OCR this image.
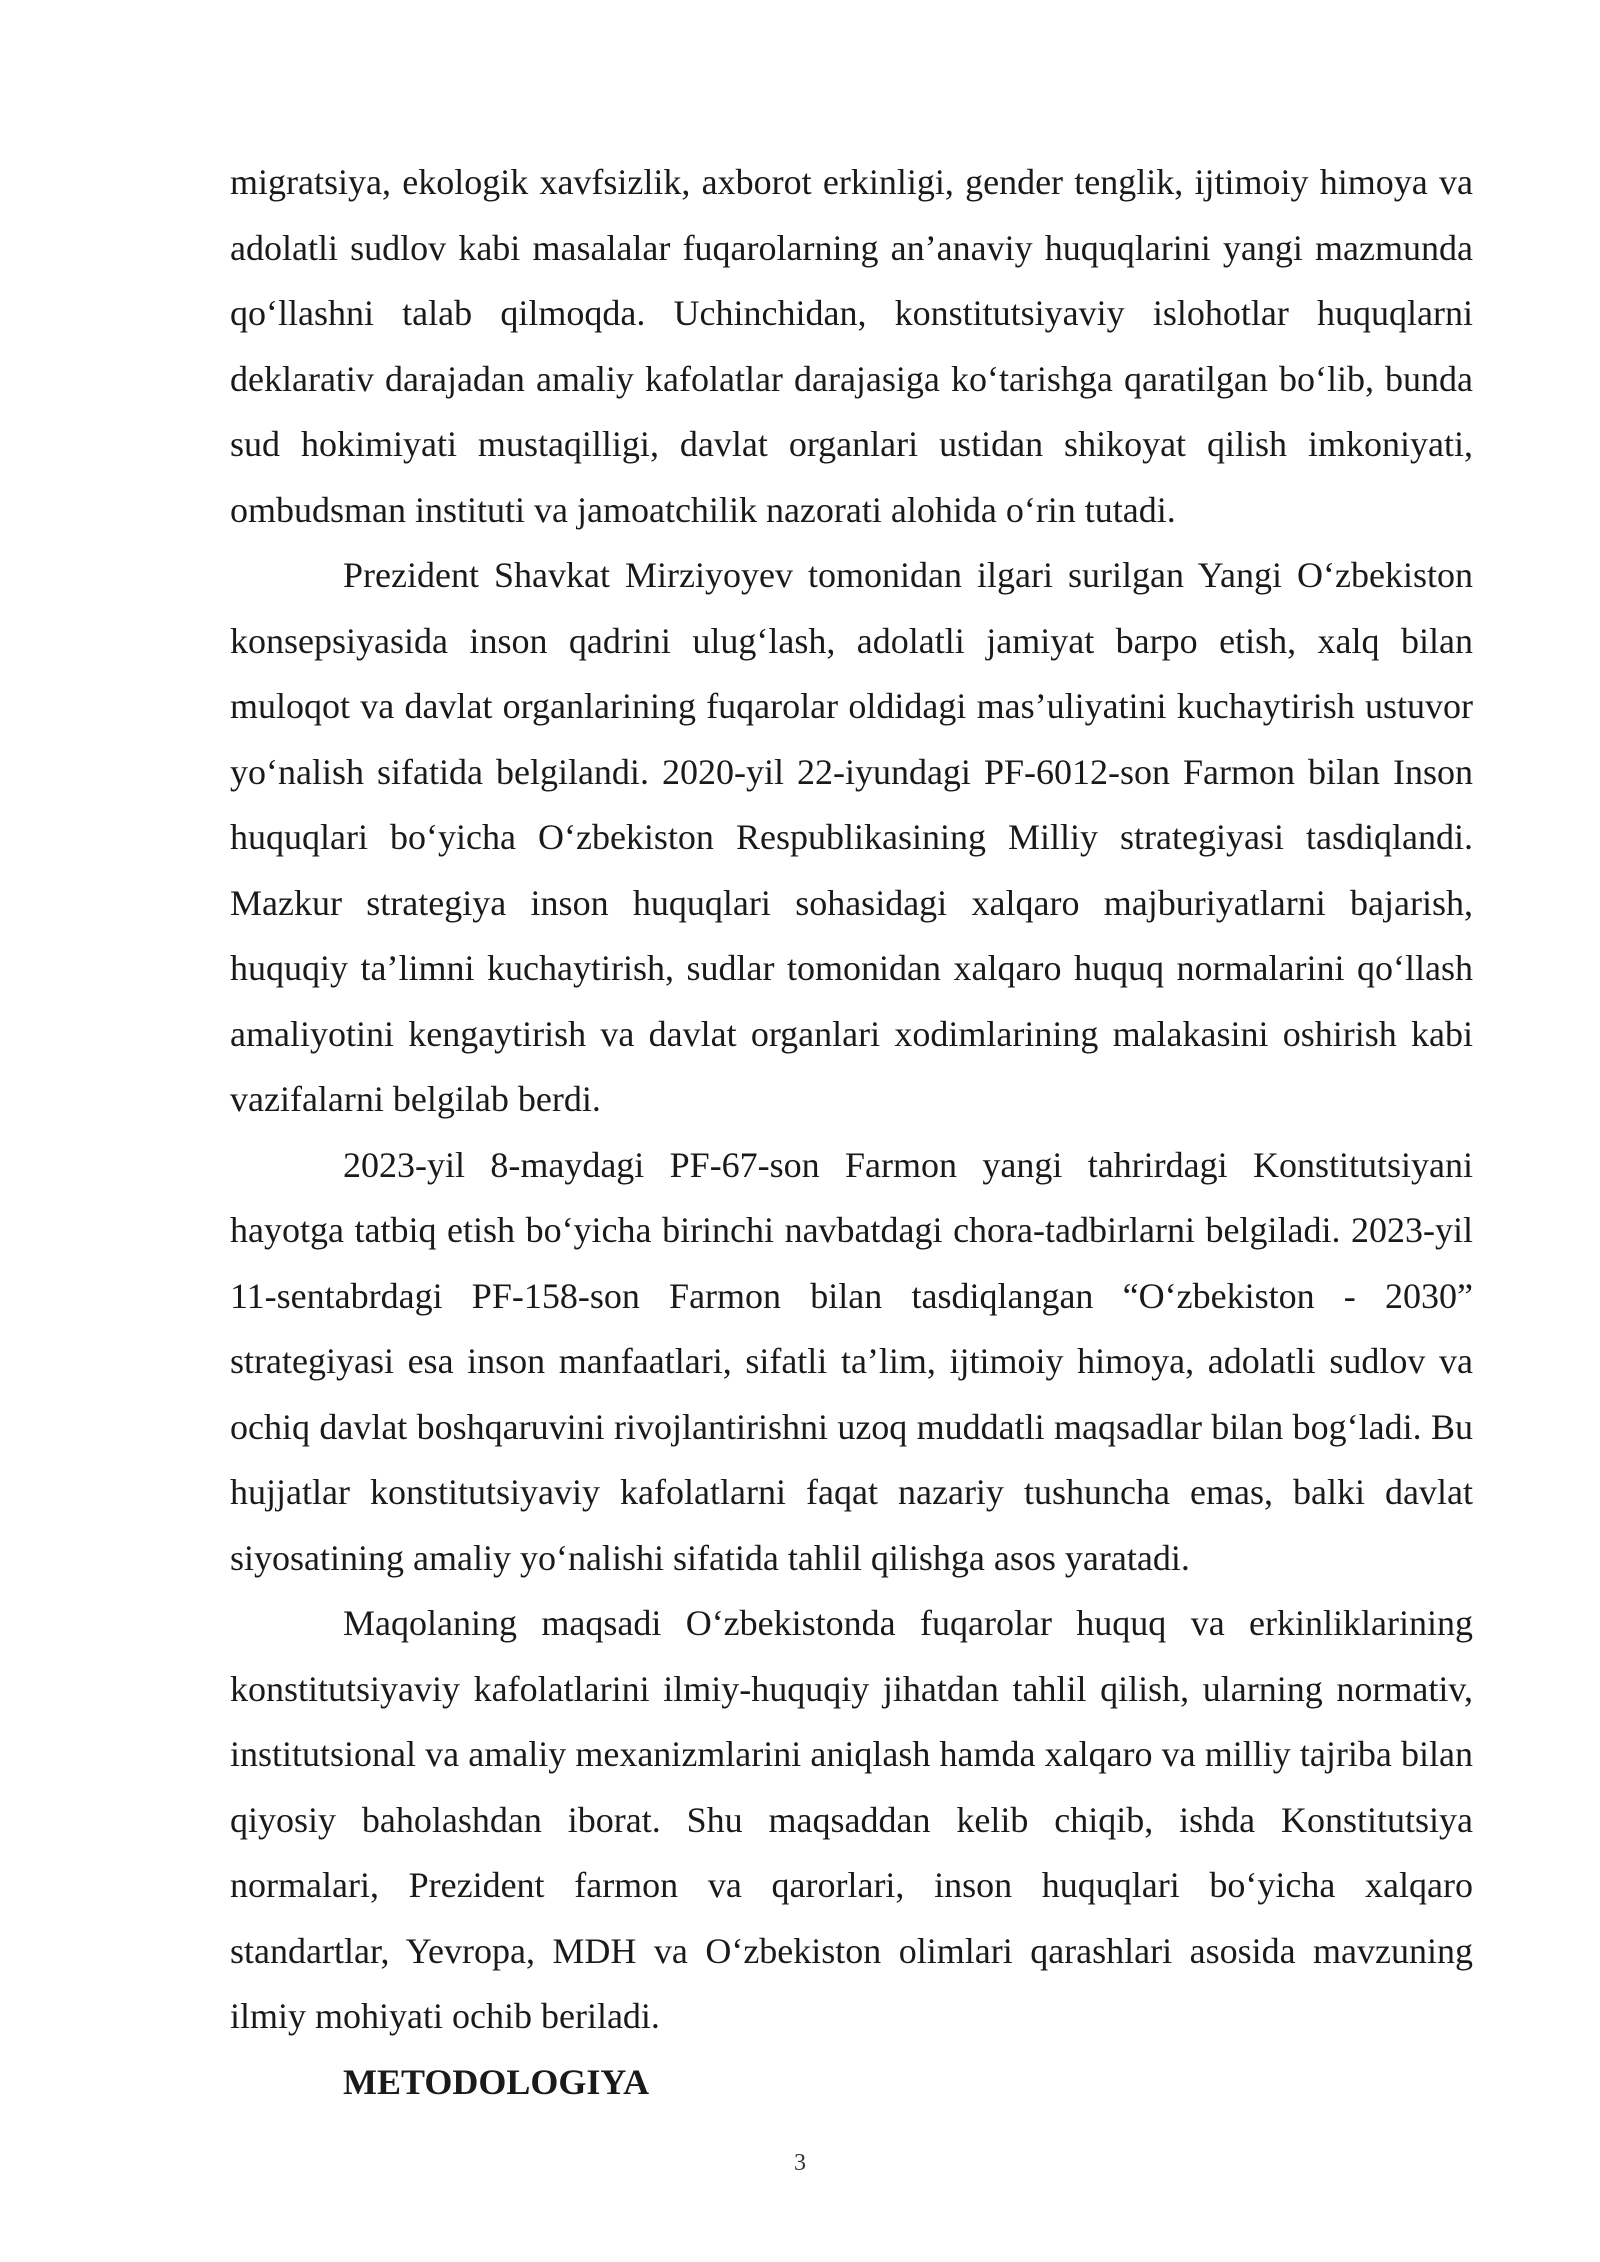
migratsiya, ekologik xavfsizlik, axborot erkinligi, gender tenglik, ijtimoiy himoya va adolatli sudlov kabi masalalar fuqarolarning an’anaviy huquqlarini yangi mazmunda qo‘llashni talab qilmoqda. Uchinchidan, konstitutsiyaviy islohotlar huquqlarni deklarativ darajadan amaliy kafolatlar darajasiga ko‘tarishga qaratilgan bo‘lib, bunda sud hokimiyati mustaqilligi, davlat organlari ustidan shikoyat qilish imkoniyati, ombudsman instituti va jamoatchilik nazorati alohida o‘rin tutadi.

Prezident Shavkat Mirziyoyev tomonidan ilgari surilgan Yangi O‘zbekiston konsepsiyasida inson qadrini ulug‘lash, adolatli jamiyat barpo etish, xalq bilan muloqot va davlat organlarining fuqarolar oldidagi mas’uliyatini kuchaytirish ustuvor yo‘nalish sifatida belgilandi. 2020-yil 22-iyundagi PF-6012-son Farmon bilan Inson huquqlari bo‘yicha O‘zbekiston Respublikasining Milliy strategiyasi tasdiqlandi. Mazkur strategiya inson huquqlari sohasidagi xalqaro majburiyatlarni bajarish, huquqiy ta’limni kuchaytirish, sudlar tomonidan xalqaro huquq normalarini qo‘llash amaliyotini kengaytirish va davlat organlari xodimlarining malakasini oshirish kabi vazifalarni belgilab berdi.

2023-yil 8-maydagi PF-67-son Farmon yangi tahrirdagi Konstitutsiyani hayotga tatbiq etish bo‘yicha birinchi navbatdagi chora-tadbirlarni belgiladi. 2023-yil 11-sentabrdagi PF-158-son Farmon bilan tasdiqlangan “O‘zbekiston - 2030” strategiyasi esa inson manfaatlari, sifatli ta’lim, ijtimoiy himoya, adolatli sudlov va ochiq davlat boshqaruvini rivojlantirishni uzoq muddatli maqsadlar bilan bog‘ladi. Bu hujjatlar konstitutsiyaviy kafolatlarni faqat nazariy tushuncha emas, balki davlat siyosatining amaliy yo‘nalishi sifatida tahlil qilishga asos yaratadi.

Maqolaning maqsadi O‘zbekistonda fuqarolar huquq va erkinliklarining konstitutsiyaviy kafolatlarini ilmiy-huquqiy jihatdan tahlil qilish, ularning normativ, institutsional va amaliy mexanizmlarini aniqlash hamda xalqaro va milliy tajriba bilan qiyosiy baholashdan iborat. Shu maqsaddan kelib chiqib, ishda Konstitutsiya normalari, Prezident farmon va qarorlari, inson huquqlari bo‘yicha xalqaro standartlar, Yevropa, MDH va O‘zbekiston olimlari qarashlari asosida mavzuning ilmiy mohiyati ochib beriladi.

METODOLOGIYA

3
